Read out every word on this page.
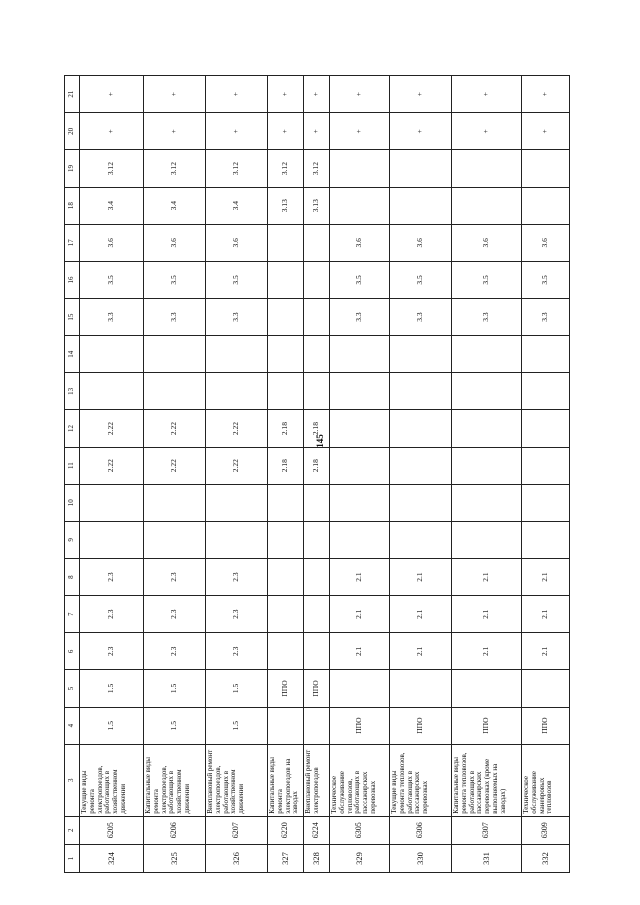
145
1	2	3	4	5	6	7	8	9	10	11	12	13	14	15	16	17	18	19	20	21
324	6205	Текущие виды ремонта электропоездов, работающих в хозяйственном движении	1.5	1.5	2.3	2.3	2.3			2.22	2.22			3.3	3.5	3.6	3.4	3.12	+	+
325	6206	Капитальные виды ремонта электропоездов, работающих в хозяйственном движении	1.5	1.5	2.3	2.3	2.3			2.22	2.22			3.3	3.5	3.6	3.4	3.12	+	+
326	6207	Внеплановый ремонт электропоездов, работающих в хозяйственном движении	1.5	1.5	2.3	2.3	2.3			2.22	2.22			3.3	3.5	3.6	3.4	3.12	+	+
327	6220	Капитальные виды ремонта электропоездов на заводах		ППО						2.18	2.18						3.13	3.12	+	+
328	6224	Внеплановый ремонт электропоездов		ППО						2.18	2.18						3.13	3.12	+	+
329	6305	Техническое обслуживание тепловозов, работающих в пассажирских перевозках	ППО		2.1	2.1	2.1							3.3	3.5	3.6			+	+
330	6306	Текущие виды ремонта тепловозов, работающих в пассажирских перевозках	ППО		2.1	2.1	2.1							3.3	3.5	3.6			+	+
331	6307	Капитальные виды ремонта тепловозов, работающих в пассажирских перевозках (кроме выполняемых на заводах)	ППО		2.1	2.1	2.1							3.3	3.5	3.6			+	+
332	6309	Техническое обслуживание маневровых тепловозов	ППО		2.1	2.1	2.1							3.3	3.5	3.6			+	+
